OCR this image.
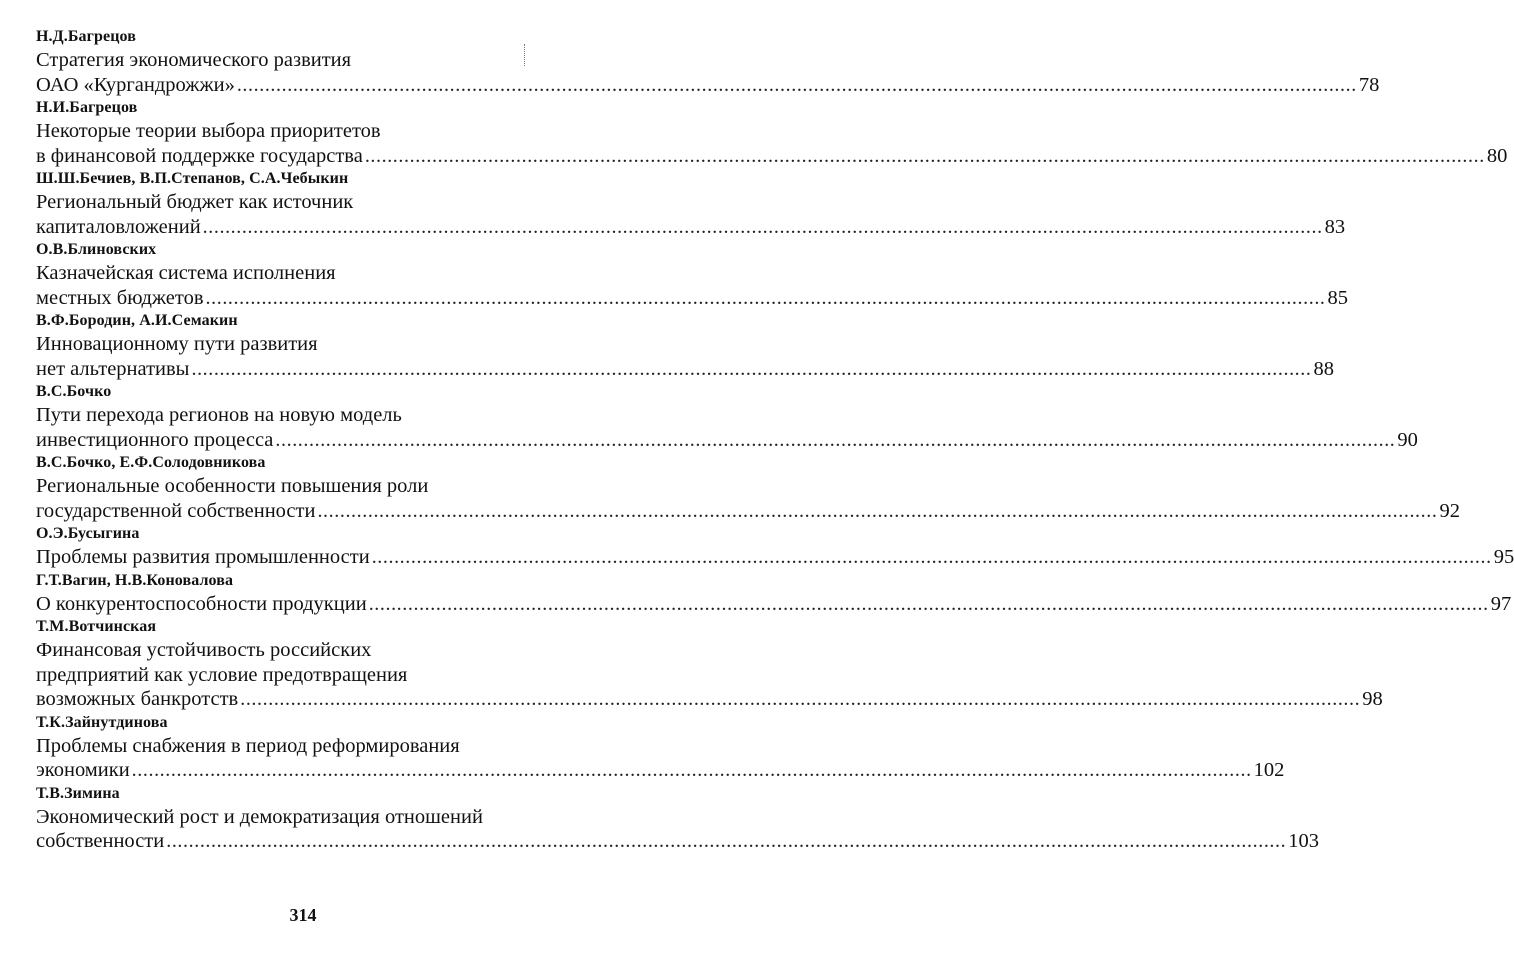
Н.Д.Багрецов
Стратегия экономического развития
ОАО «Кургандрожжи» ........................................................................................................................................................................................................ 78
Н.И.Багрецов
Некоторые теории выбора приоритетов
в финансовой поддержке государства ........................................................................................................................................................................................................ 80
Ш.Ш.Бечиев, В.П.Степанов, С.А.Чебыкин
Региональный бюджет как источник
капиталовложений ........................................................................................................................................................................................................ 83
О.В.Блиновских
Казначейская система исполнения
местных бюджетов ........................................................................................................................................................................................................ 85
В.Ф.Бородин, А.И.Семакин
Инновационному пути развития
нет альтернативы ........................................................................................................................................................................................................ 88
В.С.Бочко
Пути перехода регионов на новую модель
инвестиционного процесса ........................................................................................................................................................................................................ 90
В.С.Бочко, Е.Ф.Солодовникова
Региональные особенности повышения роли
государственной собственности ........................................................................................................................................................................................................ 92
О.Э.Бусыгина
Проблемы развития промышленности ........................................................................................................................................................................................................ 95
Г.Т.Вагин, Н.В.Коновалова
О конкурентоспособности продукции ........................................................................................................................................................................................................ 97
Т.М.Вотчинская
Финансовая устойчивость российских
предприятий как условие предотвращения
возможных банкротств ........................................................................................................................................................................................................ 98
Т.К.Зайнутдинова
Проблемы снабжения в период реформирования
экономики ........................................................................................................................................................................................................ 102
Т.В.Зимина
Экономический рост и демократизация отношений
собственности ........................................................................................................................................................................................................ 103
314
